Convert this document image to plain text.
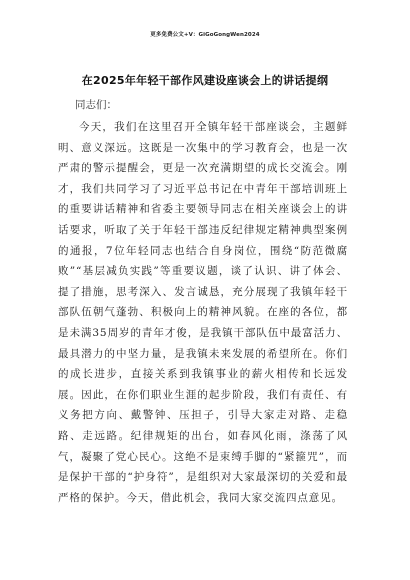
更多免费公文+V：GiGoGongWen2024
在2025年年轻干部作风建设座谈会上的讲话提纲
同志们：

今天，我们在这里召开全镇年轻干部座谈会，主题鲜明、意义深远。这既是一次集中的学习教育会，也是一次严肃的警示提醒会，更是一次充满期望的成长交流会。刚才，我们共同学习了习近平总书记在中青年干部培训班上的重要讲话精神和省委主要领导同志在相关座谈会上的讲话要求，听取了关于年轻干部违反纪律规定精神典型案例的通报，7位年轻同志也结合自身岗位，围绕“防范微腐败”“基层减负实践”等重要议题，谈了认识、讲了体会、提了措施，思考深入、发言诚恳，充分展现了我镇年轻干部队伍朝气蓬勃、积极向上的精神风貌。在座的各位，都是未满35周岁的青年才俊，是我镇干部队伍中最富活力、最具潜力的中坚力量，是我镇未来发展的希望所在。你们的成长进步，直接关系到我镇事业的薪火相传和长远发展。因此，在你们职业生涯的起步阶段，我们有责任、有义务把方向、戴警钟、压担子，引导大家走对路、走稳路、走远路。纪律规矩的出台，如春风化雨，涤荡了风气，凝聚了党心民心。这绝不是束缚手脚的“紧箍咒”，而是保护干部的“护身符”，是组织对大家最深切的关爱和最严格的保护。今天，借此机会，我同大家交流四点意见。
